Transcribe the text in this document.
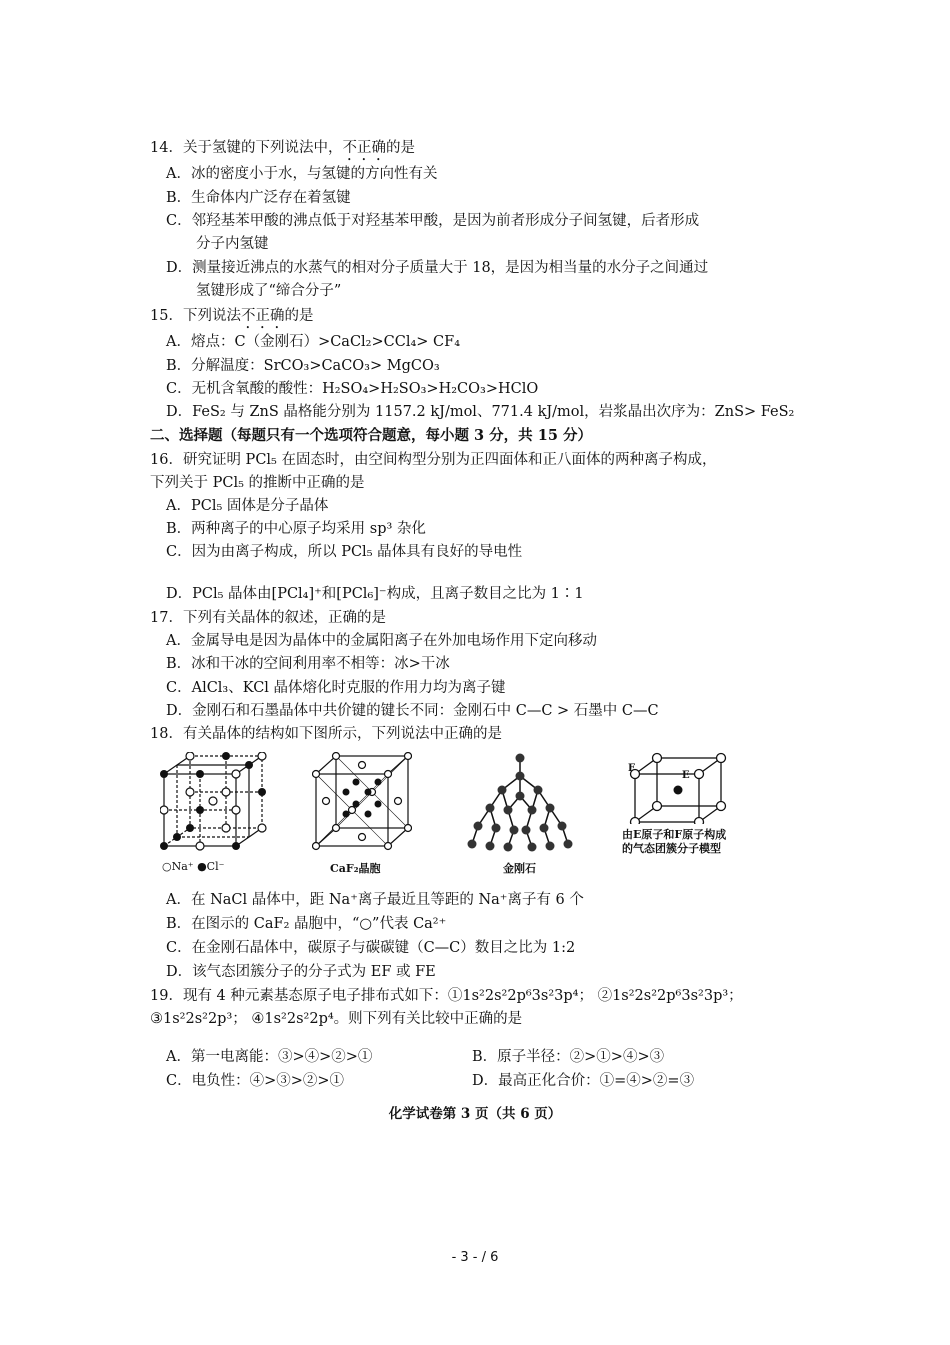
14．关于氢键的下列说法中，不正确的是
A．冰的密度小于水，与氢键的方向性有关
B．生命体内广泛存在着氢键
C．邻羟基苯甲酸的沸点低于对羟基苯甲酸，是因为前者形成分子间氢键，后者形成
分子内氢键
D．测量接近沸点的水蒸气的相对分子质量大于 18，是因为相当量的水分子之间通过
氢键形成了“缔合分子”
15．下列说法不正确的是
A．熔点：C（金刚石）>CaCl₂>CCl₄> CF₄
B．分解温度：SrCO₃>CaCO₃> MgCO₃
C．无机含氧酸的酸性：H₂SO₄>H₂SO₃>H₂CO₃>HClO
D．FeS₂ 与 ZnS 晶格能分别为 1157.2 kJ/mol、771.4 kJ/mol，岩浆晶出次序为：ZnS> FeS₂
二、选择题（每题只有一个选项符合题意，每小题 3 分，共 15 分）
16．研究证明 PCl₅ 在固态时，由空间构型分别为正四面体和正八面体的两种离子构成，
下列关于 PCl₅ 的推断中正确的是
A．PCl₅ 固体是分子晶体
B．两种离子的中心原子均采用 sp³ 杂化
C．因为由离子构成，所以 PCl₅ 晶体具有良好的导电性
D．PCl₅ 晶体由[PCl₄]⁺和[PCl₆]⁻构成，且离子数目之比为 1∶1
17．下列有关晶体的叙述，正确的是
A．金属导电是因为晶体中的金属阳离子在外加电场作用下定向移动
B．冰和干冰的空间利用率不相等：冰>干冰
C．AlCl₃、KCl 晶体熔化时克服的作用力均为离子键
D．金刚石和石墨晶体中共价键的键长不同：金刚石中 C—C > 石墨中 C—C
18．有关晶体的结构如下图所示，下列说法中正确的是
○Na⁺ ●Cl⁻	CaF₂晶胞	金刚石
F
E
由E原子和F原子构成
的气态团簇分子模型
A．在 NaCl 晶体中，距 Na⁺离子最近且等距的 Na⁺离子有 6 个
B．在图示的 CaF₂ 晶胞中，“○”代表 Ca²⁺
C．在金刚石晶体中，碳原子与碳碳键（C—C）数目之比为 1:2
D．该气态团簇分子的分子式为 EF 或 FE
19．现有 4 种元素基态原子电子排布式如下：①1s²2s²2p⁶3s²3p⁴； ②1s²2s²2p⁶3s²3p³；
③1s²2s²2p³； ④1s²2s²2p⁴。则下列有关比较中正确的是
A．第一电离能：③>④>②>①	B．原子半径：②>①>④>③
C．电负性：④>③>②>①	D．最高正化合价：①=④>②=③
化学试卷第 3 页（共 6 页）
- 3 - / 6
